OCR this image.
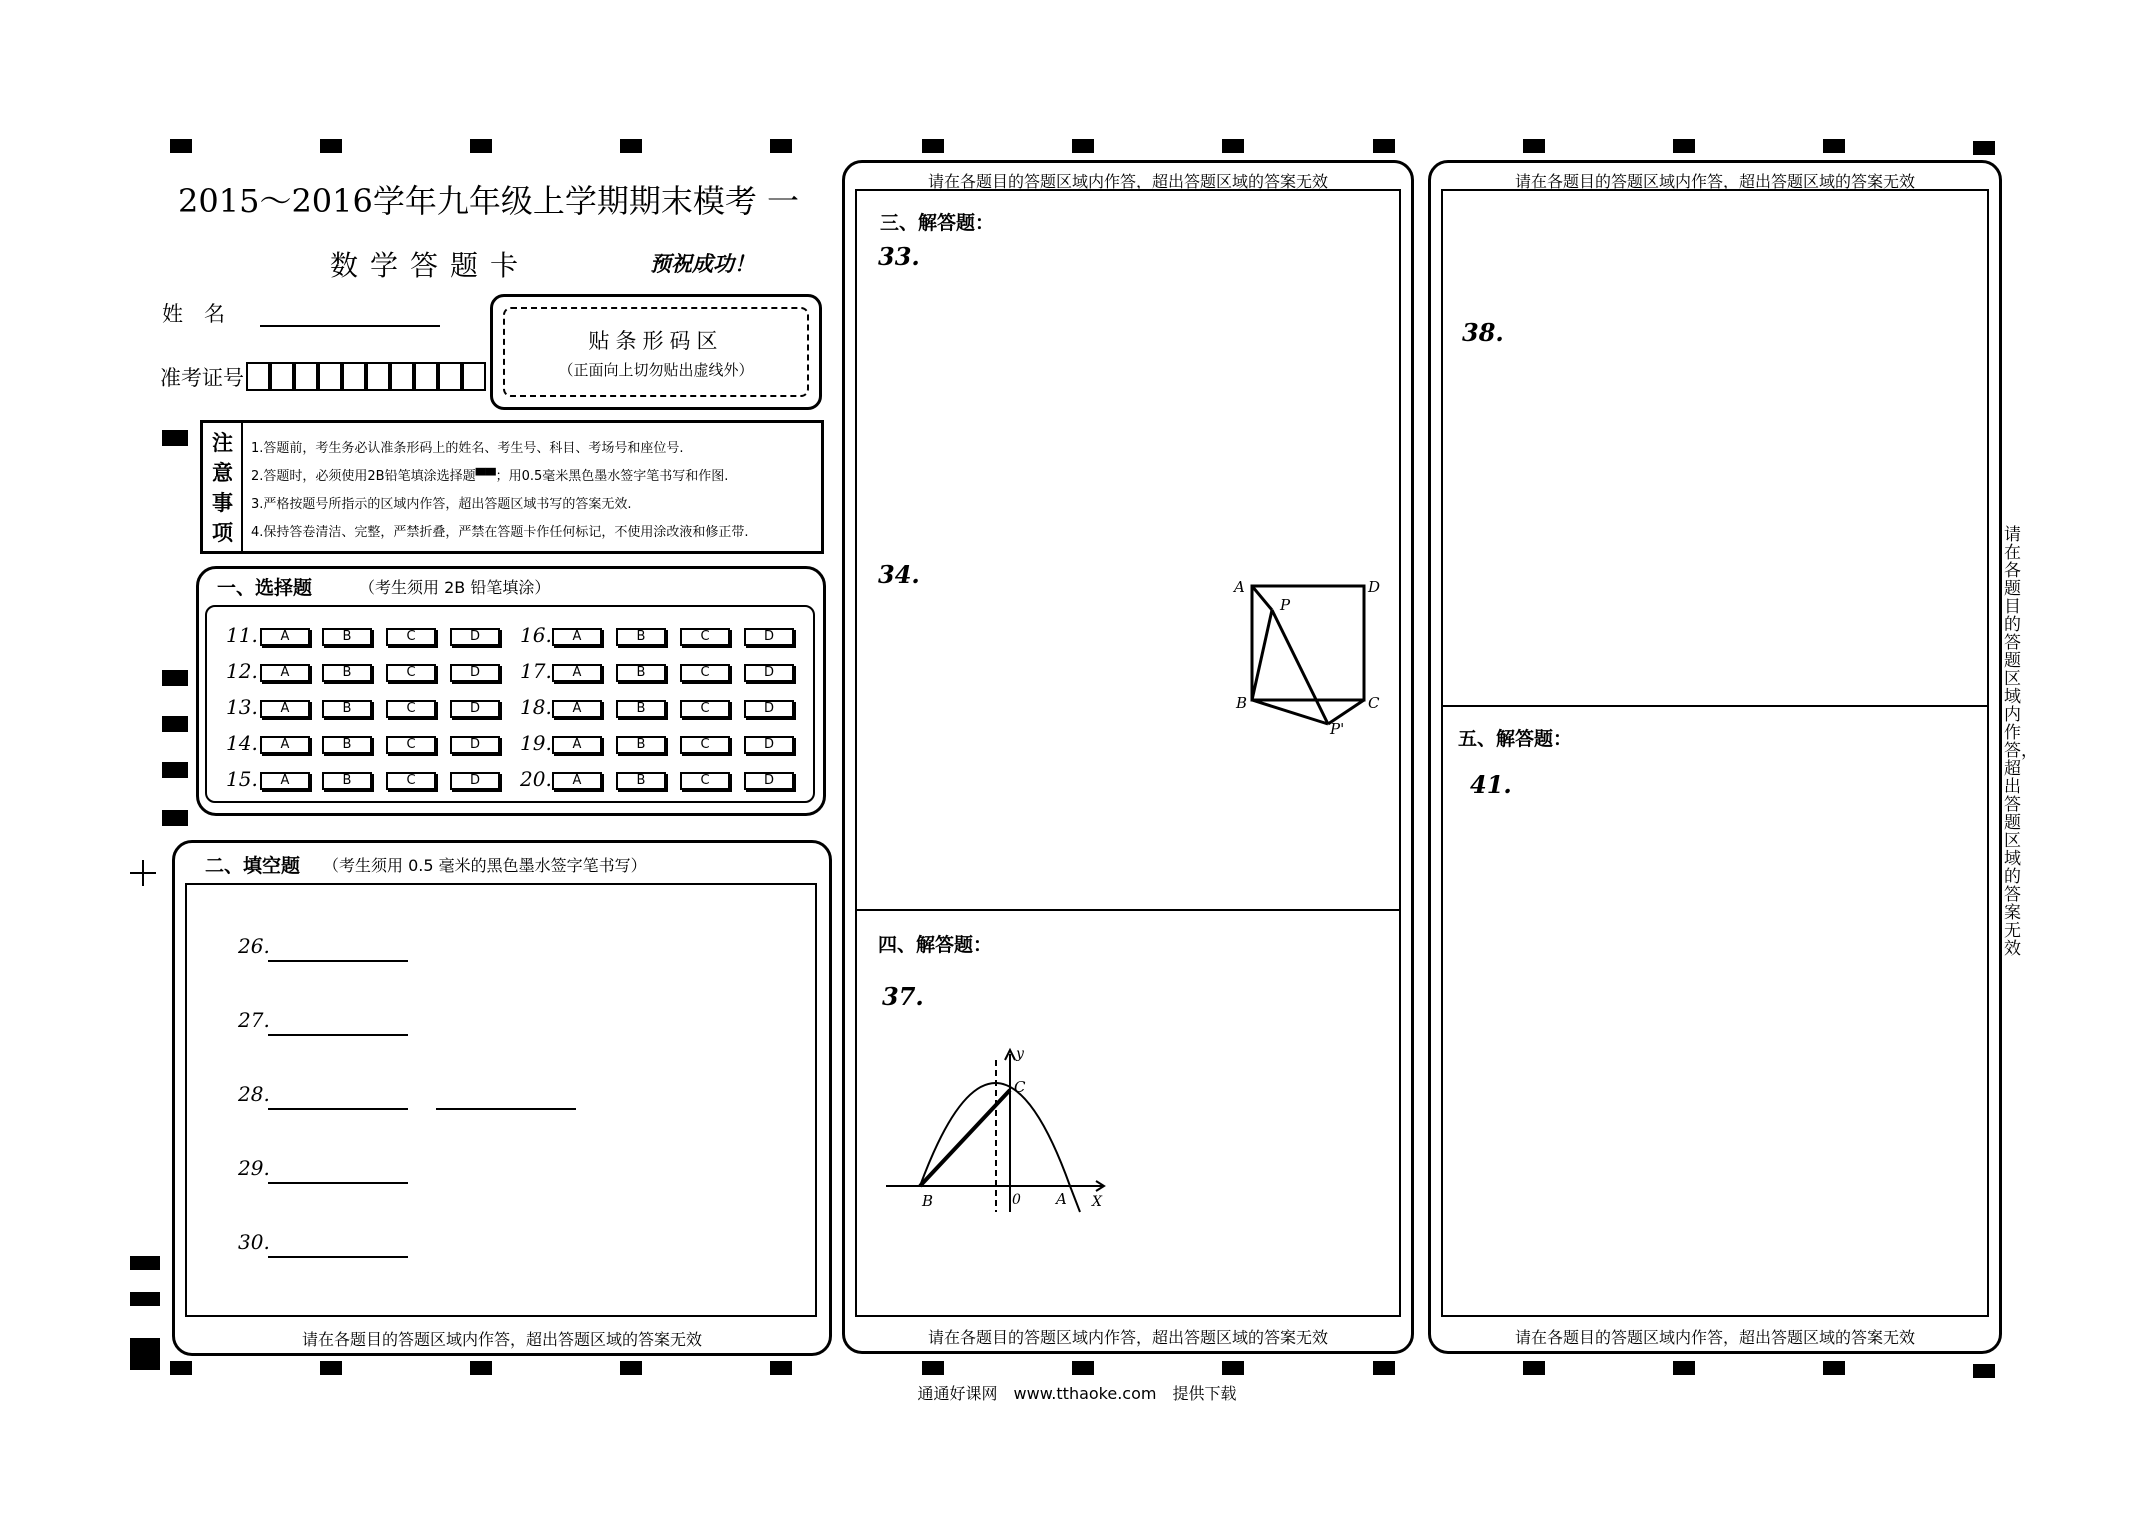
2015～2016学年九年级上学期期末模考 一
数学答题卡	预祝成功！
姓　名
准考证号
贴条形码区
（正面向上切勿贴出虚线外）
注
意
事
项
1.答题前，考生务必认准条形码上的姓名、考生号、科目、考场号和座位号.
2.答题时，必须使用2B铅笔填涂选择题▀▀；用0.5毫米黑色墨水签字笔书写和作图.
3.严格按题号所指示的区域内作答，超出答题区域书写的答案无效.
4.保持答卷清洁、完整，严禁折叠，严禁在答题卡作任何标记，不使用涂改液和修正带.
一、选择题	（考生须用 2B 铅笔填涂）
11.	A	B	C	D
12.	A	B	C	D
13.	A	B	C	D
14.	A	B	C	D
15.	A	B	C	D
16.	A	B	C	D
17.	A	B	C	D
18.	A	B	C	D
19.	A	B	C	D
20.	A	B	C	D
二、填空题 （考生须用 0.5 毫米的黑色墨水签字笔书写）
请在各题目的答题区域内作答，超出答题区域的答案无效
26.
27.
28.
29.
30.
请在各题目的答题区域内作答，超出答题区域的答案无效
请在各题目的答题区域内作答，超出答题区域的答案无效
三、解答题：
33.
34.
四、解答题：
37.
A
P
D
B	C
P'
y
C
B	0 A X
请在各题目的答题区域内作答，超出答题区域的答案无效
请在各题目的答题区域内作答，超出答题区域的答案无效
38.
五、解答题：
41.
请在各题目的答题区域内作答，超出答题区域的答案无效
通通好课网　www.tthaoke.com　提供下载
